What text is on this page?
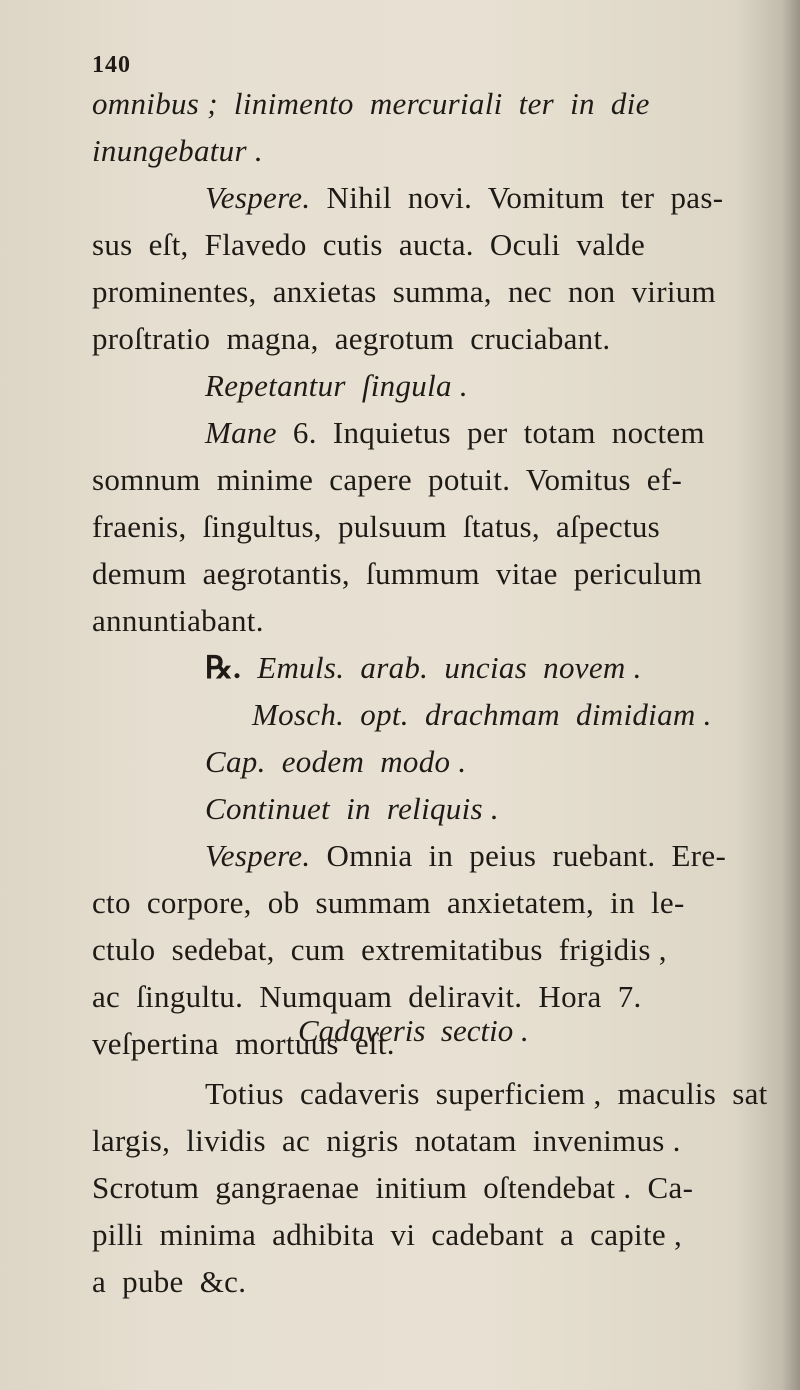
140
omnibus ;  linimento  mercuriali  ter  in  die
inungebatur .
Vespere.  Nihil  novi.  Vomitum  ter  pas-
sus  eſt,  Flavedo  cutis  aucta.  Oculi  valde
prominentes,  anxietas  summa,  nec  non  virium
proſtratio  magna,  aegrotum  cruciabant.
Repetantur  ſingula .
Mane  6.  Inquietus  per  totam  noctem
somnum  minime  capere  potuit.  Vomitus  ef-
fraenis,  ſingultus,  pulsuum  ſtatus,  aſpectus
demum  aegrotantis,  ſummum  vitae  periculum
annuntiabant.
℞.  Emuls.  arab.  uncias  novem .
Mosch.  opt.  drachmam  dimidiam .
Cap.  eodem  modo .
Continuet  in  reliquis .
Vespere.  Omnia  in  peius  ruebant.  Ere-
cto  corpore,  ob  summam  anxietatem,  in  le-
ctulo  sedebat,  cum  extremitatibus  frigidis ,
ac  ſingultu.  Numquam  deliravit.  Hora  7.
veſpertina  mortuus  eſt.
Cadaveris  sectio .
Totius  cadaveris  superficiem ,  maculis  sat
largis,  lividis  ac  nigris  notatam  invenimus .
Scrotum  gangraenae  initium  oſtendebat .  Ca-
pilli  minima  adhibita  vi  cadebant  a  capite ,
a  pube  &c.
